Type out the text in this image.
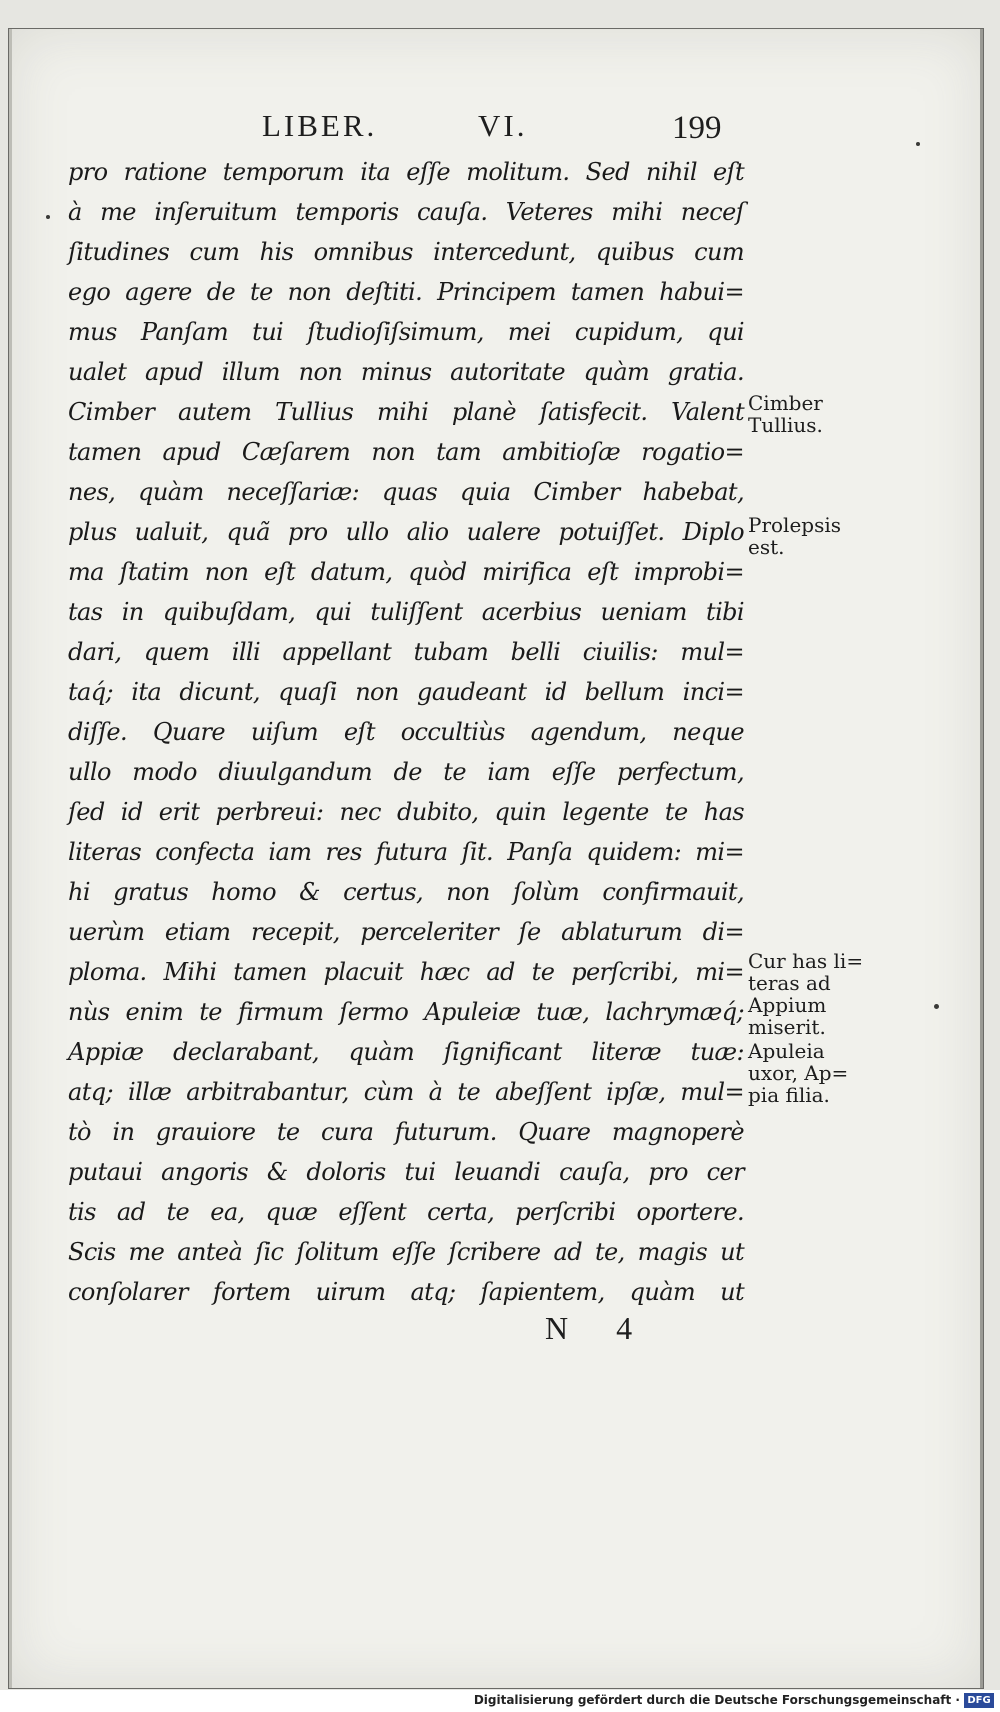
LIBER.	VI.	199
pro ratione temporum ita eſſe molitum. Sed nihil eſt
à me inſeruitum temporis cauſa. Veteres mihi neceſ
ſitudines cum his omnibus intercedunt, quibus cum
ego agere de te non deſtiti. Principem tamen habui=
mus Panſam tui ſtudioſiſsimum, mei cupidum, qui
ualet apud illum non minus autoritate quàm gratia.
Cimber autem Tullius mihi planè ſatisfecit. Valent
tamen apud Cæſarem non tam ambitioſæ rogatio=
nes, quàm neceſſariæ: quas quia Cimber habebat,
plus ualuit, quã pro ullo alio ualere potuiſſet. Diplo
ma ſtatim non eſt datum, quòd mirifica eſt improbi=
tas in quibuſdam, qui tuliſſent acerbius ueniam tibi
dari, quem illi appellant tubam belli ciuilis: mul=
taq́; ita dicunt, quaſi non gaudeant id bellum inci=
diſſe. Quare uiſum eſt occultiùs agendum, neque
ullo modo diuulgandum de te iam eſſe perfectum,
ſed id erit perbreui: nec dubito, quin legente te has
literas confecta iam res futura ſit. Panſa quidem: mi=
hi gratus homo & certus, non ſolùm confirmauit,
uerùm etiam recepit, perceleriter ſe ablaturum di=
ploma. Mihi tamen placuit hæc ad te perſcribi, mi=
nùs enim te firmum ſermo Apuleiæ tuæ, lachrymæq́;
Appiæ declarabant, quàm ſignificant literæ tuæ:
atq; illæ arbitrabantur, cùm à te abeſſent ipſæ, mul=
tò in grauiore te cura futurum. Quare magnoperè
putaui angoris & doloris tui leuandi cauſa, pro cer
tis ad te ea, quæ eſſent certa, perſcribi oportere.
Scis me anteà ſic ſolitum eſſe ſcribere ad te, magis ut
conſolarer fortem uirum atq; ſapientem, quàm ut
Cimber
Tullius.
Prolepsis
est.
Cur has li=
teras ad
Appium
miserit.
Apuleia
uxor, Ap=
pia filia.
N 4
Digitalisierung gefördert durch die Deutsche Forschungsgemeinschaft · DFG
